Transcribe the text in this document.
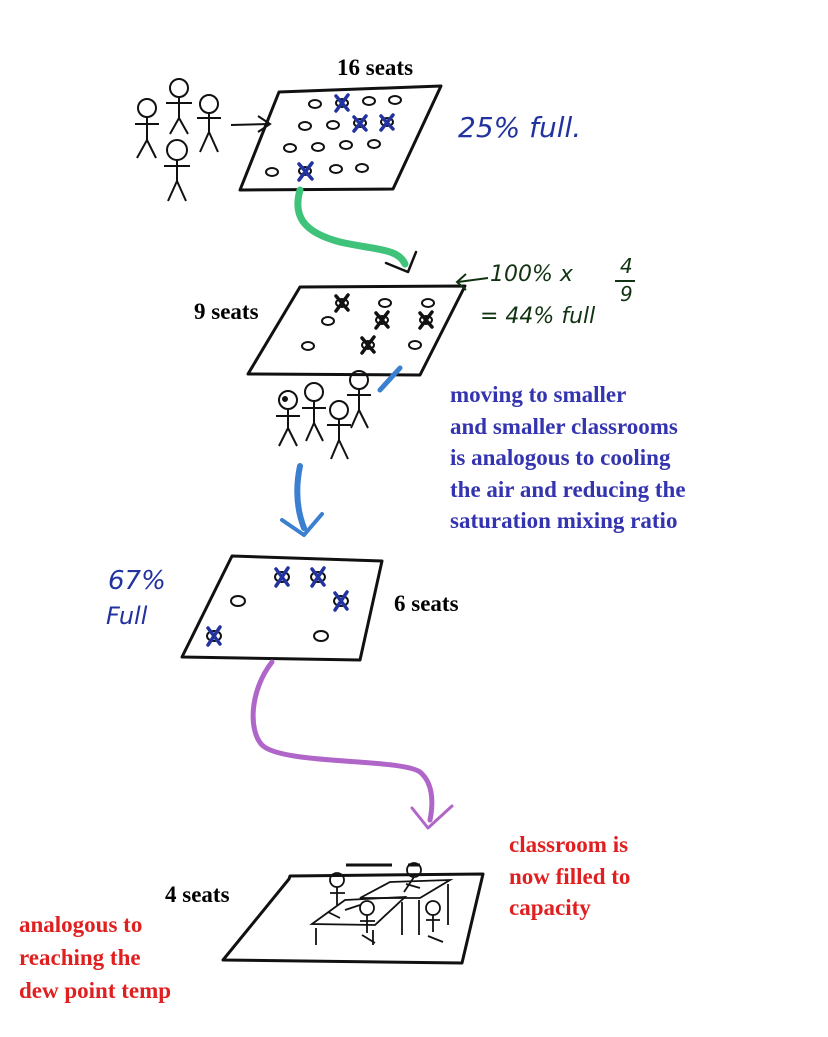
16 seats
25% full.
9 seats
100% x 4
9
= 44% full
moving to smaller
and smaller classrooms
is analogous to cooling
the air and reducing the
saturation mixing ratio
67%
Full	6 seats
classroom is
now filled to
capacity
4 seats
analogous to
reaching the
dew point temp
